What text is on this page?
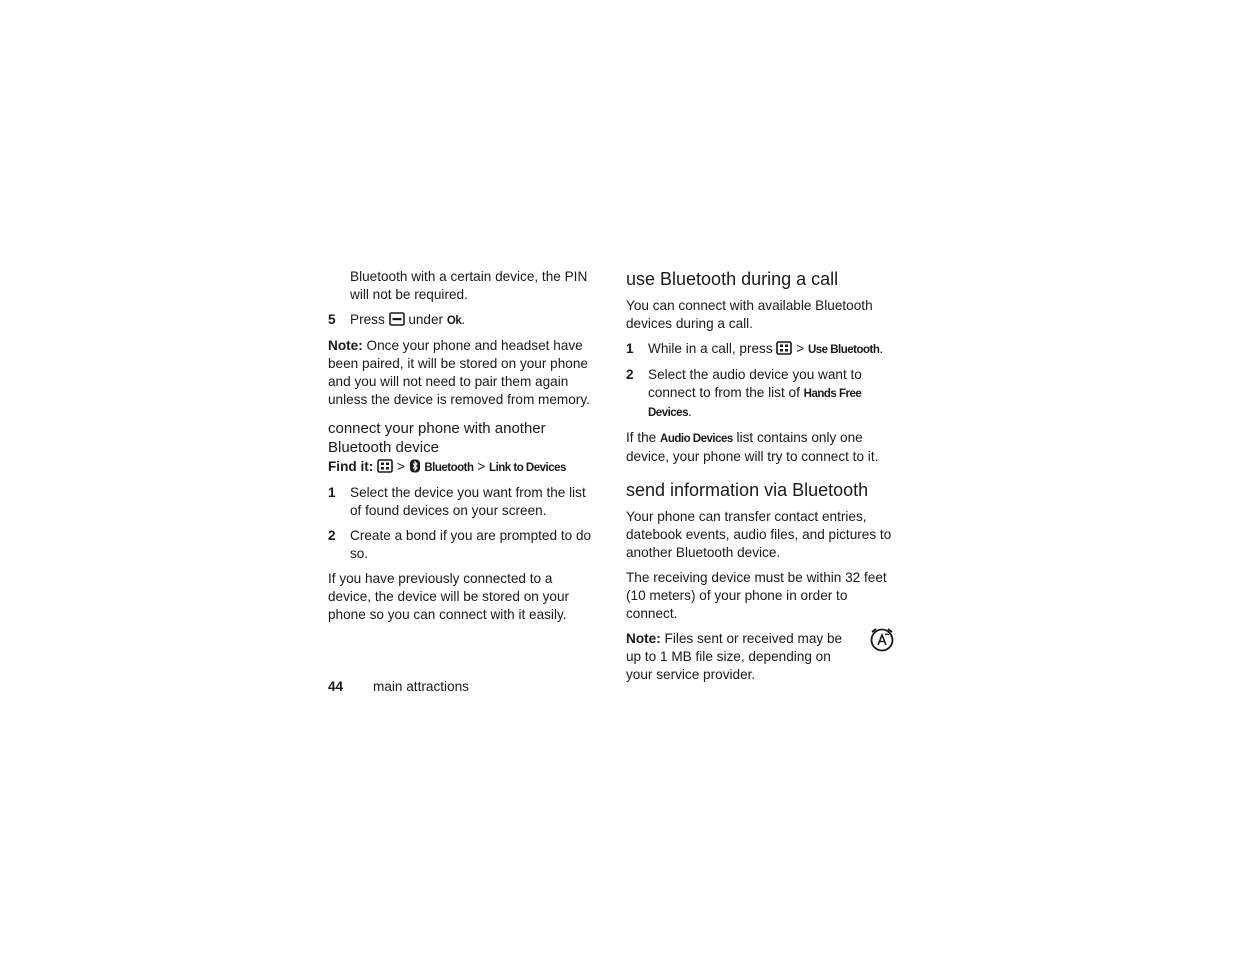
Bluetooth with a certain device, the PIN will not be required.

5 Press under Ok.

Note: Once your phone and headset have been paired, it will be stored on your phone and you will not need to pair them again unless the device is removed from memory.

connect your phone with another Bluetooth device

Find it: > Bluetooth > Link to Devices

1 Select the device you want from the list of found devices on your screen.

2 Create a bond if you are prompted to do so.

If you have previously connected to a device, the device will be stored on your phone so you can connect with it easily.

use Bluetooth during a call

You can connect with available Bluetooth devices during a call.

1 While in a call, press > Use Bluetooth.

2 Select the audio device you want to connect to from the list of Hands Free Devices.

If the Audio Devices list contains only one device, your phone will try to connect to it.

send information via Bluetooth

Your phone can transfer contact entries, datebook events, audio files, and pictures to another Bluetooth device.

The receiving device must be within 32 feet (10 meters) of your phone in order to connect.

Note: Files sent or received may be up to 1 MB file size, depending on your service provider.

44 main attractions
